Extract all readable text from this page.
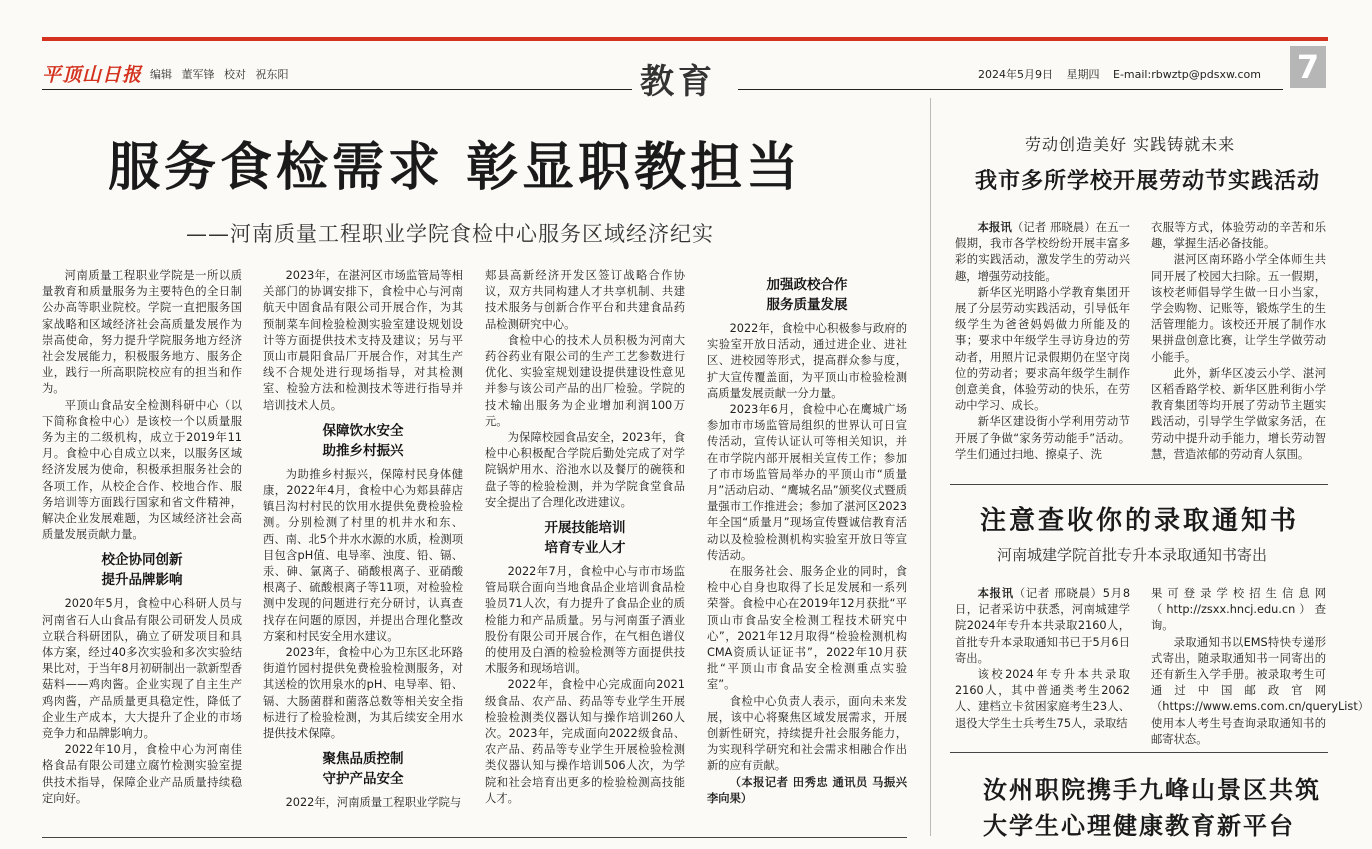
平顶山日报 编辑 董军锋 校对 祝东阳	教育	2024年5月9日 星期四 E-mail:rbwztp@pdsxw.com	7
服务食检需求 彰显职教担当
——河南质量工程职业学院食检中心服务区域经济纪实

河南质量工程职业学院是一所以质量教育和质量服务为主要特色的全日制公办高等职业院校。学院一直把服务国家战略和区域经济社会高质量发展作为崇高使命，努力提升学院服务地方经济社会发展能力，积极服务地方、服务企业，践行一所高职院校应有的担当和作为。

平顶山食品安全检测科研中心（以下简称食检中心）是该校一个以质量服务为主的二级机构，成立于2019年11月。食检中心自成立以来，以服务区域经济发展为使命，积极承担服务社会的各项工作，从校企合作、校地合作、服务培训等方面践行国家和省文件精神，解决企业发展难题，为区域经济社会高质量发展贡献力量。

校企协同创新
提升品牌影响

2020年5月，食检中心科研人员与河南省石人山食品有限公司研发人员成立联合科研团队，确立了研发项目和具体方案，经过40多次实验和多次实验结果比对，于当年8月初研制出一款新型香菇料——鸡肉酱。企业实现了自主生产鸡肉酱，产品质量更具稳定性，降低了企业生产成本，大大提升了企业的市场竞争力和品牌影响力。

2022年10月，食检中心为河南佳格食品有限公司建立腐竹检测实验室提供技术指导，保障企业产品质量持续稳定向好。

2023年，在湛河区市场监管局等相关部门的协调安排下，食检中心与河南航天中固食品有限公司开展合作，为其预制菜车间检验检测实验室建设规划设计等方面提供技术支持及建议；另与平顶山市晨阳食品厂开展合作，对其生产线不合规处进行现场指导，对其检测室、检验方法和检测技术等进行指导并培训技术人员。

保障饮水安全
助推乡村振兴

为助推乡村振兴，保障村民身体健康，2022年4月，食检中心为郏县薛店镇吕沟村村民的饮用水提供免费检验检测。分别检测了村里的机井水和东、西、南、北5个井水水源的水质，检测项目包含pH值、电导率、浊度、铅、镉、汞、砷、氯离子、硝酸根离子、亚硝酸根离子、硫酸根离子等11项，对检验检测中发现的问题进行充分研讨，认真查找存在问题的原因，并提出合理化整改方案和村民安全用水建议。

2023年，食检中心为卫东区北环路街道竹园村提供免费检验检测服务，对其送检的饮用泉水的pH、电导率、铅、镉、大肠菌群和菌落总数等相关安全指标进行了检验检测，为其后续安全用水提供技术保障。

聚焦品质控制
守护产品安全

2022年，河南质量工程职业学院与

郏县高新经济开发区签订战略合作协议，双方共同构建人才共享机制、共建技术服务与创新合作平台和共建食品药品检测研究中心。

食检中心的技术人员积极为河南大药谷药业有限公司的生产工艺参数进行优化、实验室规划建设提供建设性意见并参与该公司产品的出厂检验。学院的技术输出服务为企业增加利润100万元。

为保障校园食品安全，2023年，食检中心积极配合学院后勤处完成了对学院锅炉用水、浴池水以及餐厅的碗筷和盘子等的检验检测，并为学院食堂食品安全提出了合理化改进建议。

开展技能培训
培育专业人才

2022年7月，食检中心与市市场监管局联合面向当地食品企业培训食品检验员71人次，有力提升了食品企业的质检能力和产品质量。另与河南蛋子酒业股份有限公司开展合作，在气相色谱仪的使用及白酒的检验检测等方面提供技术服务和现场培训。

2022年，食检中心完成面向2021级食品、农产品、药品等专业学生开展检验检测类仪器认知与操作培训260人次。2023年，完成面向2022级食品、农产品、药品等专业学生开展检验检测类仪器认知与操作培训506人次，为学院和社会培育出更多的检验检测高技能人才。

加强政校合作
服务质量发展

2022年，食检中心积极参与政府的实验室开放日活动，通过进企业、进社区、进校园等形式，提高群众参与度，扩大宣传覆盖面，为平顶山市检验检测高质量发展贡献一分力量。

2023年6月，食检中心在鹰城广场参加市市场监管局组织的世界认可日宣传活动，宣传认证认可等相关知识，并在市学院内部开展相关宣传工作；参加了市市场监管局举办的平顶山市“质量月”活动启动、“鹰城名品”颁奖仪式暨质量强市工作推进会；参加了湛河区2023年全国“质量月”现场宣传暨诚信教育活动以及检验检测机构实验室开放日等宣传活动。

在服务社会、服务企业的同时，食检中心自身也取得了长足发展和一系列荣誉。食检中心在2019年12月获批“平顶山市食品安全检测工程技术研究中心”，2021年12月取得“检验检测机构CMA资质认证证书”，2022年10月获批“平顶山市食品安全检测重点实验室”。

食检中心负责人表示，面向未来发展，该中心将聚焦区域发展需求，开展创新性研究，持续提升社会服务能力，为实现科学研究和社会需求相融合作出新的应有贡献。

（本报记者 田秀忠 通讯员 马振兴 李向果）

劳动创造美好 实践铸就未来
我市多所学校开展劳动节实践活动

本报讯（记者 邢晓晨）在五一假期，我市各学校纷纷开展丰富多彩的实践活动，激发学生的劳动兴趣，增强劳动技能。

新华区光明路小学教育集团开展了分层劳动实践活动，引导低年级学生为爸爸妈妈做力所能及的事；要求中年级学生寻访身边的劳动者，用照片记录假期仍在坚守岗位的劳动者；要求高年级学生制作创意美食，体验劳动的快乐，在劳动中学习、成长。

新华区建设街小学利用劳动节开展了争做“家务劳动能手”活动。学生们通过扫地、擦桌子、洗

衣服等方式，体验劳动的辛苦和乐趣，掌握生活必备技能。

湛河区南环路小学全体师生共同开展了校园大扫除。五一假期，该校老师倡导学生做一日小当家，学会购物、记账等，锻炼学生的生活管理能力。该校还开展了制作水果拼盘创意比赛，让学生学做劳动小能手。

此外，新华区凌云小学、湛河区稻香路学校、新华区胜利街小学教育集团等均开展了劳动节主题实践活动，引导学生学做家务活，在劳动中提升动手能力，增长劳动智慧，营造浓郁的劳动育人氛围。

注意查收你的录取通知书
河南城建学院首批专升本录取通知书寄出

本报讯（记者 邢晓晨）5月8日，记者采访中获悉，河南城建学院2024年专升本共录取2160人，首批专升本录取通知书已于5月6日寄出。

该校2024年专升本共录取2160人，其中普通类考生2062人、建档立卡贫困家庭考生23人、退役大学生士兵考生75人，录取结

果可登录学校招生信息网（http://zsxx.hncj.edu.cn）查询。

录取通知书以EMS特快专递形式寄出，随录取通知书一同寄出的还有新生入学手册。被录取考生可通过中国邮政官网（https://www.ems.com.cn/queryList）使用本人考生号查询录取通知书的邮寄状态。

汝州职院携手九峰山景区共筑
大学生心理健康教育新平台
